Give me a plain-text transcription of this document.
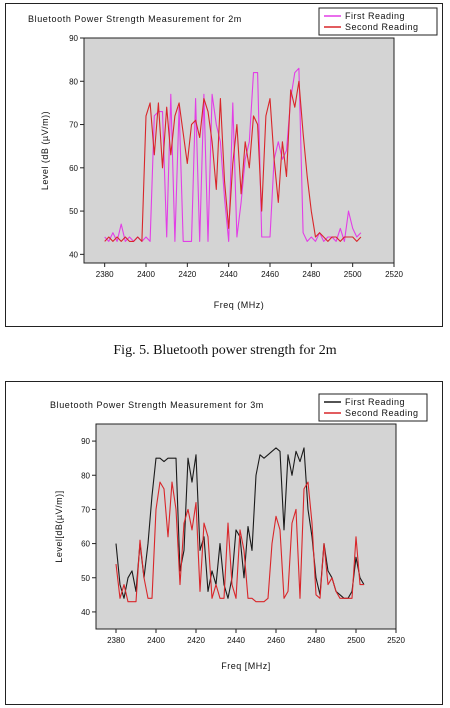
Bluetooth Power Strength Measurement for 2m
2380	2400	2420	2440	2460	2480	2500	2520
40
50
60
70
80
90
Freq (MHz)
Level (dB (µV/m))
First Reading
Second Reading
Fig. 5. Bluetooth power strength for 2m
Bluetooth Power Strength Measurement for 3m
2380	2400	2420	2440	2460	2480	2500	2520
40
50
60
70
80
90
Freq [MHz]
Level[dB(µV/m)]
First Reading
Second Reading
